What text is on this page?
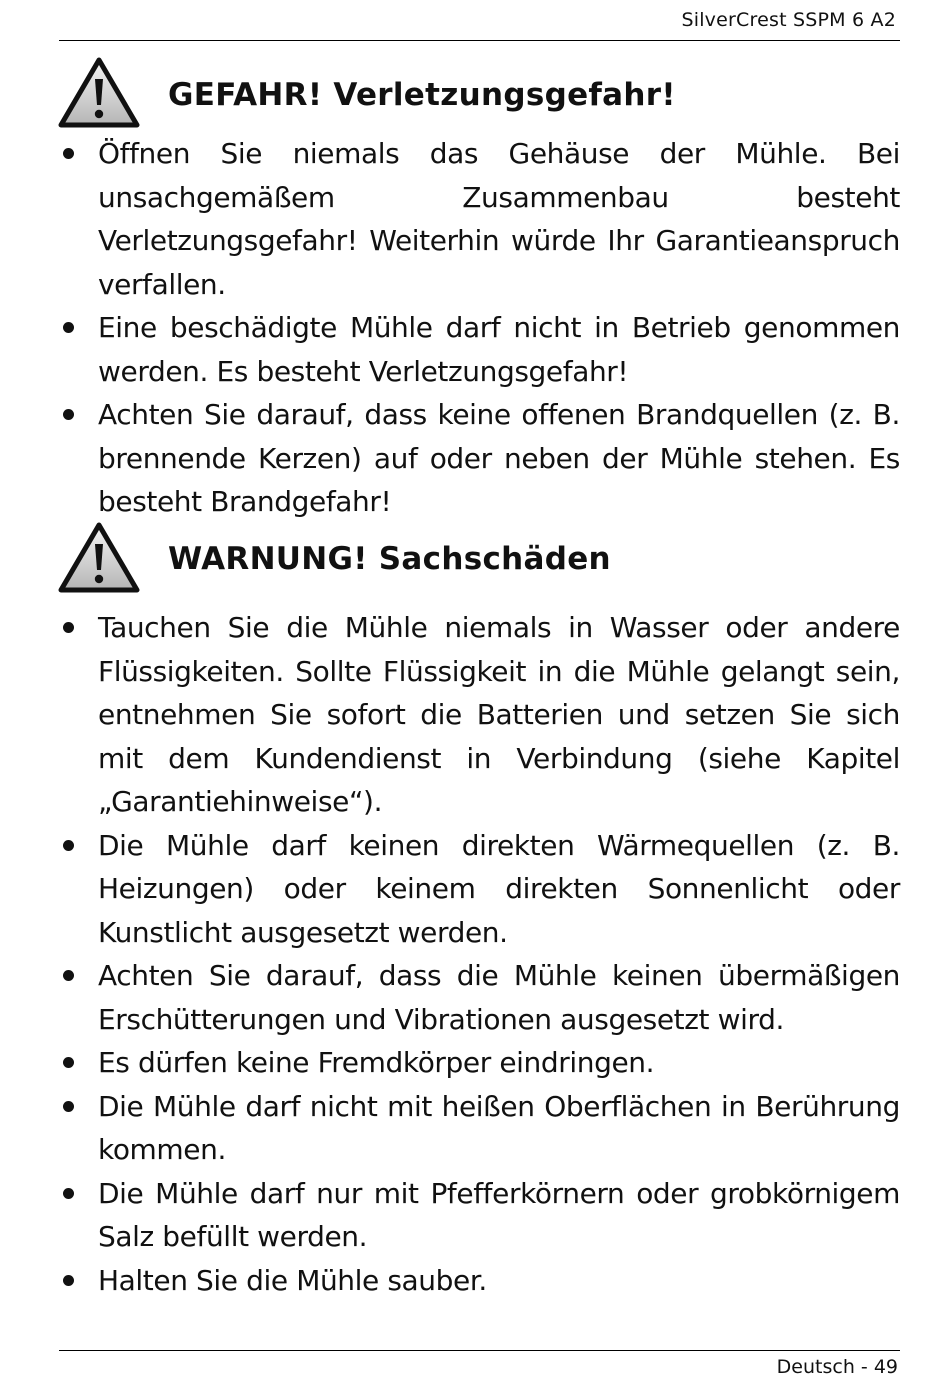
SilverCrest SSPM 6 A2
GEFAHR! Verletzungsgefahr!
Öffnen Sie niemals das Gehäuse der Mühle. Bei unsachgemäßem Zusammenbau besteht Verletzungsgefahr! Weiterhin würde Ihr Garantieanspruch verfallen.
Eine beschädigte Mühle darf nicht in Betrieb genommen werden. Es besteht Verletzungsgefahr!
Achten Sie darauf, dass keine offenen Brandquellen (z. B. brennende Kerzen) auf oder neben der Mühle stehen. Es besteht Brandgefahr!
WARNUNG! Sachschäden
Tauchen Sie die Mühle niemals in Wasser oder andere Flüssigkeiten. Sollte Flüssigkeit in die Mühle gelangt sein, entnehmen Sie sofort die Batterien und setzen Sie sich mit dem Kundendienst in Verbindung (siehe Kapitel „Garantiehinweise“).
Die Mühle darf keinen direkten Wärmequellen (z. B. Heizungen) oder keinem direkten Sonnenlicht oder Kunstlicht ausgesetzt werden.
Achten Sie darauf, dass die Mühle keinen übermäßigen Erschütterungen und Vibrationen ausgesetzt wird.
Es dürfen keine Fremdkörper eindringen.
Die Mühle darf nicht mit heißen Oberflächen in Berührung kommen.
Die Mühle darf nur mit Pfefferkörnern oder grobkörnigem Salz befüllt werden.
Halten Sie die Mühle sauber.
Deutsch - 49
